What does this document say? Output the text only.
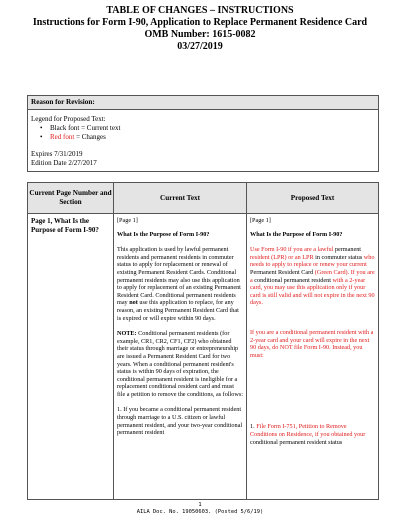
TABLE OF CHANGES – INSTRUCTIONS
Instructions for Form I-90, Application to Replace Permanent Residence Card
OMB Number: 1615-0082
03/27/2019
Reason for Revision:
Legend for Proposed Text:
• Black font = Current text
• Red font = Changes
Expires 7/31/2019
Edition Date 2/27/2017
Current Page Number and Section
Current Text	Proposed Text
Page 1, What Is the Purpose of Form I-90?
[Page 1]
What Is the Purpose of Form I-90?
This application is used by lawful permanent residents and permanent residents in commuter status to apply for replacement or renewal of existing Permanent Resident Cards. Conditional permanent residents may also use this application to apply for replacement of an existing Permanent Resident Card. Conditional permanent residents may not use this application to replace, for any reason, an existing Permanent Resident Card that is expired or will expire within 90 days.
NOTE: Conditional permanent residents (for example, CR1, CR2, CF1, CF2) who obtained their status through marriage or entrepreneurship are issued a Permanent Resident Card for two years. When a conditional permanent resident's status is within 90 days of expiration, the conditional permanent resident is ineligible for a replacement conditional resident card and must file a petition to remove the conditions, as follows:
1. If you became a conditional permanent resident through marriage to a U.S. citizen or lawful permanent resident, and your two-year conditional permanent resident
[Page 1]
What Is the Purpose of Form I-90?
Use Form I-90 if you are a lawful permanent resident (LPR) or an LPR in commuter status who needs to apply to replace or renew your current Permanent Resident Card (Green Card). If you are a conditional permanent resident with a 2-year card, you may use this application only if your card is still valid and will not expire in the next 90 days.
If you are a conditional permanent resident with a 2-year card and your card will expire in the next 90 days, do NOT file Form I-90. Instead, you must:
1. File Form I-751, Petition to Remove Conditions on Residence, if you obtained your conditional permanent resident status
1
AILA Doc. No. 19050603. (Posted 5/6/19)
